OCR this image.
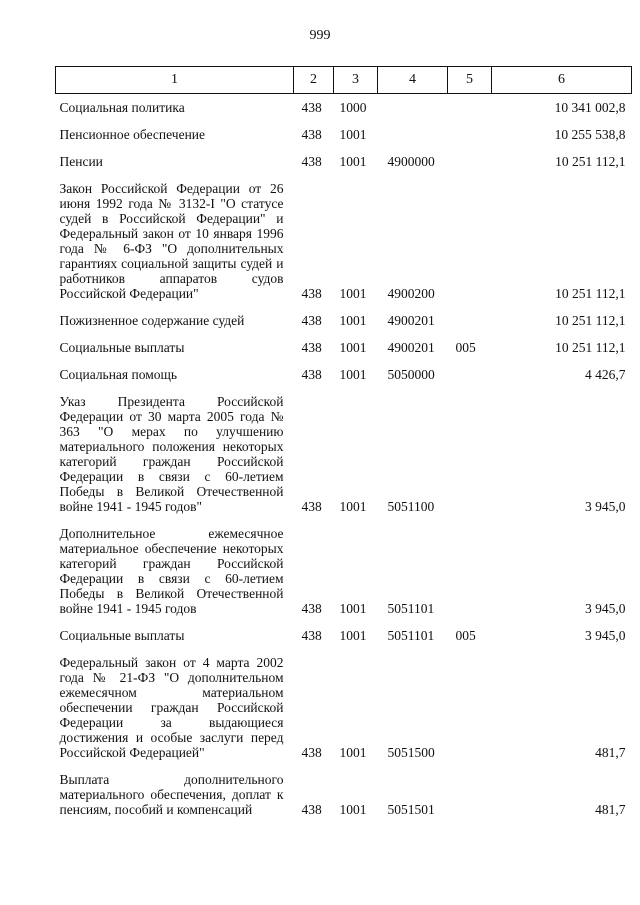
999
1	2	3	4	5	6
Социальная политика	438	1000			10 341 002,8
Пенсионное обеспечение	438	1001			10 255 538,8
Пенсии	438	1001	4900000		10 251 112,1
Закон Российской Федерации от 26 июня 1992 года № 3132-I "О статусе судей в Российской Федерации" и Федеральный закон от 10 января 1996 года № 6-ФЗ "О дополнительных гарантиях социальной защиты судей и работников аппаратов судов Российской Федерации"	438	1001	4900200		10 251 112,1
Пожизненное содержание судей	438	1001	4900201		10 251 112,1
Социальные выплаты	438	1001	4900201	005	10 251 112,1
Социальная помощь	438	1001	5050000		4 426,7
Указ Президента Российской Федерации от 30 марта 2005 года № 363 "О мерах по улучшению материального положения некоторых категорий граждан Российской Федерации в связи с 60-летием Победы в Великой Отечественной войне 1941 - 1945 годов"	438	1001	5051100		3 945,0
Дополнительное ежемесячное материальное обеспечение некоторых категорий граждан Российской Федерации в связи с 60-летием Победы в Великой Отечественной войне 1941 - 1945 годов	438	1001	5051101		3 945,0
Социальные выплаты	438	1001	5051101	005	3 945,0
Федеральный закон от 4 марта 2002 года № 21-ФЗ "О дополнительном ежемесячном материальном обеспечении граждан Российской Федерации за выдающиеся достижения и особые заслуги перед Российской Федерацией"	438	1001	5051500		481,7
Выплата дополнительного материального обеспечения, доплат к пенсиям, пособий и компенсаций	438	1001	5051501		481,7
